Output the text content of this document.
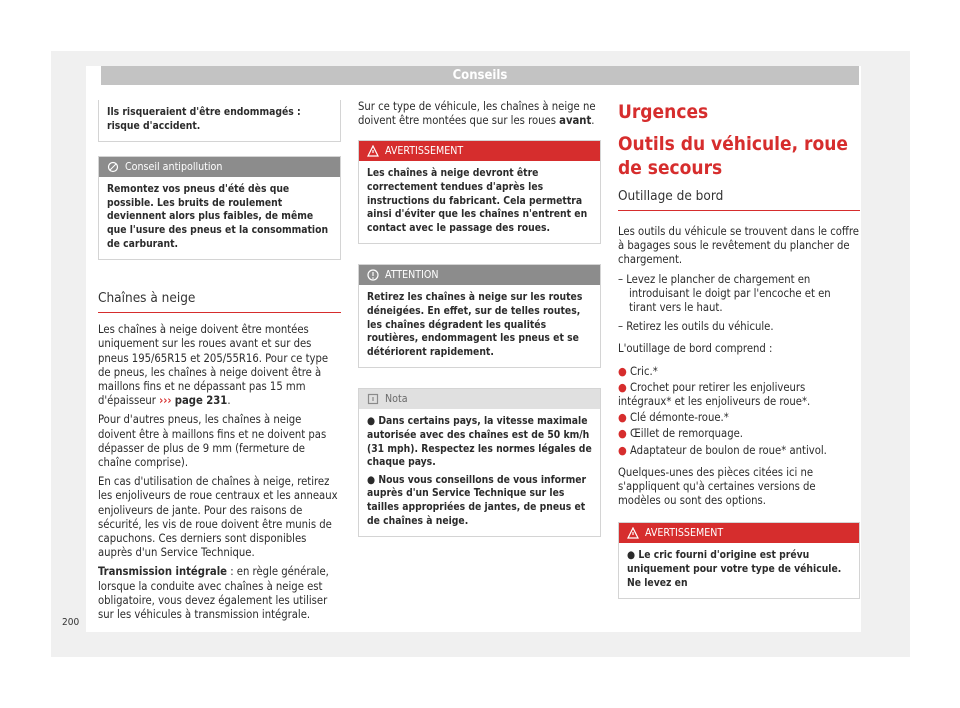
Conseils
Ils risqueraient d'être endommagés : risque d'accident.
Conseil antipollution
Remontez vos pneus d'été dès que possible. Les bruits de roulement deviennent alors plus faibles, de même que l'usure des pneus et la consommation de carburant.
Chaînes à neige

Les chaînes à neige doivent être montées uniquement sur les roues avant et sur des pneus 195/65R15 et 205/55R16. Pour ce type de pneus, les chaînes à neige doivent être à maillons fins et ne dépassant pas 15 mm d'épaisseur ››› page 231.

Pour d'autres pneus, les chaînes à neige doivent être à maillons fins et ne doivent pas dépasser de plus de 9 mm (fermeture de chaîne comprise).

En cas d'utilisation de chaînes à neige, retirez les enjoliveurs de roue centraux et les anneaux enjoliveurs de jante. Pour des raisons de sécurité, les vis de roue doivent être munis de capuchons. Ces derniers sont disponibles auprès d'un Service Technique.

Transmission intégrale : en règle générale, lorsque la conduite avec chaînes à neige est obligatoire, vous devez également les utiliser sur les véhicules à transmission intégrale.

Sur ce type de véhicule, les chaînes à neige ne doivent être montées que sur les roues avant.

AVERTISSEMENT
Les chaînes à neige devront être correctement tendues d'après les instructions du fabricant. Cela permettra ainsi d'éviter que les chaînes n'entrent en contact avec le passage des roues.
ATTENTION
Retirez les chaînes à neige sur les routes déneigées. En effet, sur de telles routes, les chaînes dégradent les qualités routières, endommagent les pneus et se détériorent rapidement.
Nota
● Dans certains pays, la vitesse maximale autorisée avec des chaînes est de 50 km/h (31 mph). Respectez les normes légales de chaque pays.
● Nous vous conseillons de vous informer auprès d'un Service Technique sur les tailles appropriées de jantes, de pneus et de chaînes à neige.
Urgences
Outils du véhicule, roue de secours
Outillage de bord

Les outils du véhicule se trouvent dans le coffre à bagages sous le revêtement du plancher de chargement.

– Levez le plancher de chargement en introduisant le doigt par l'encoche et en tirant vers le haut.

– Retirez les outils du véhicule.

L'outillage de bord comprend :

● Cric.*

● Crochet pour retirer les enjoliveurs intégraux* et les enjoliveurs de roue*.

● Clé démonte-roue.*

● Œillet de remorquage.

● Adaptateur de boulon de roue* antivol.

Quelques-unes des pièces citées ici ne s'appliquent qu'à certaines versions de modèles ou sont des options.

AVERTISSEMENT
● Le cric fourni d'origine est prévu uniquement pour votre type de véhicule. Ne levez en
200
